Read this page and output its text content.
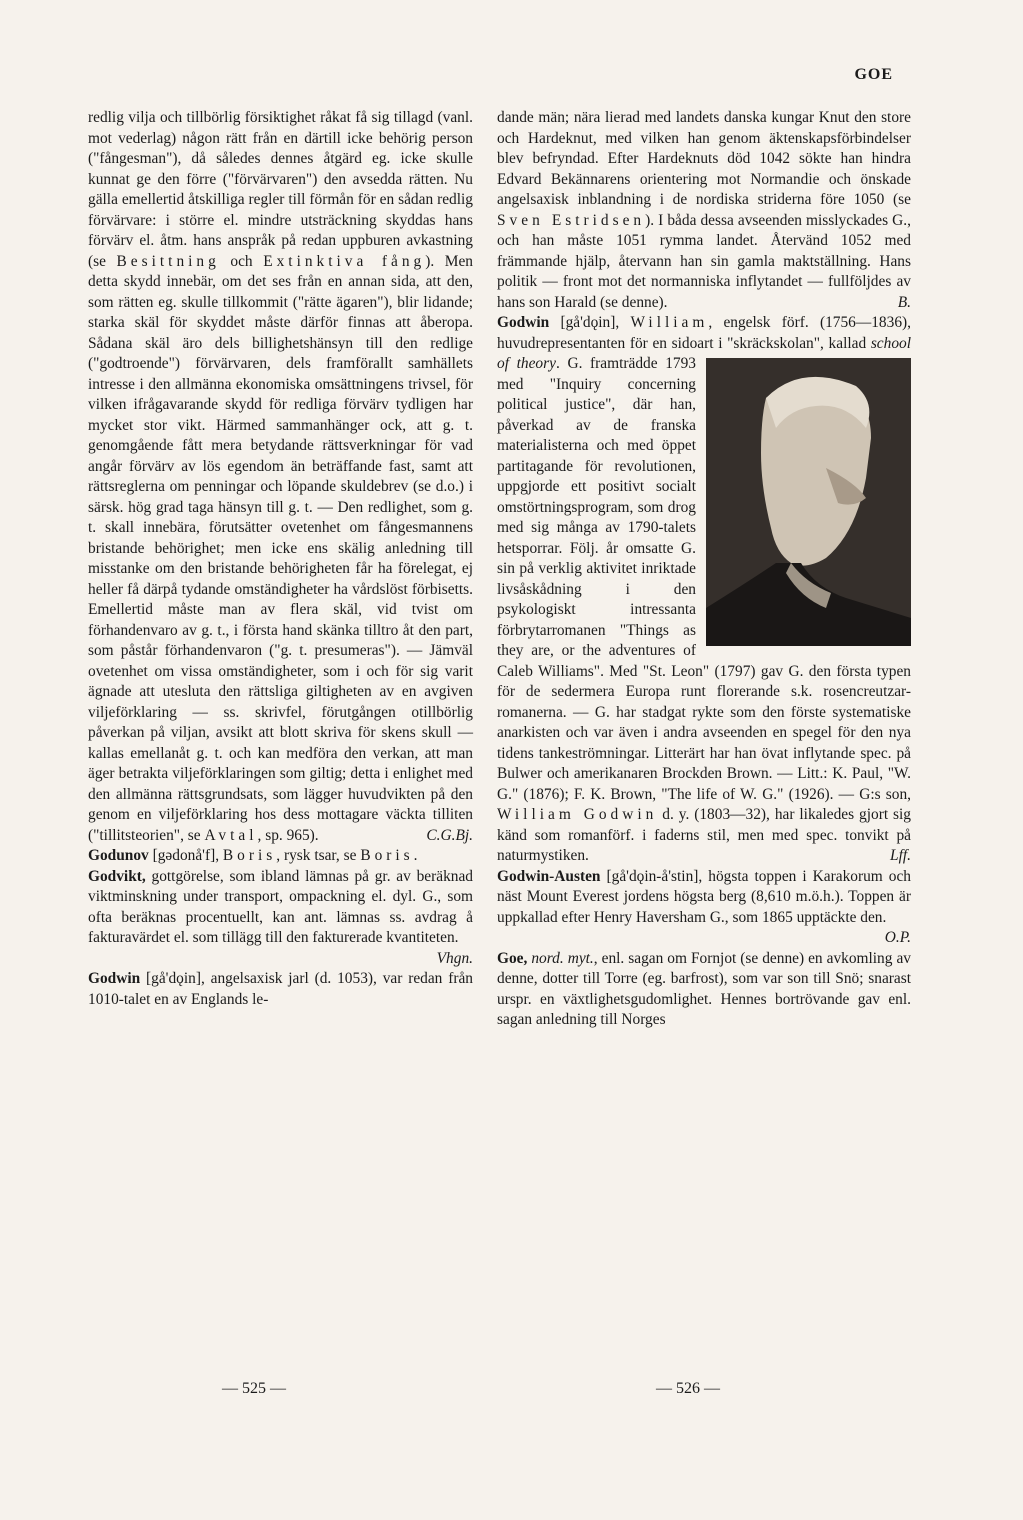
GOE

redlig vilja och tillbörlig försiktighet råkat få sig tillagd (vanl. mot vederlag) någon rätt från en därtill icke behörig person ("fångesman"), då således dennes åtgärd eg. icke skulle kunnat ge den förre ("förvärvaren") den avsedda rätten. Nu gälla emellertid åtskilliga regler till förmån för en sådan redlig förvärvare: i större el. mindre utsträckning skyddas hans förvärv el. åtm. hans anspråk på redan uppburen avkastning (se Besittning och Extinktiva fång). Men detta skydd innebär, om det ses från en annan sida, att den, som rätten eg. skulle tillkommit ("rätte ägaren"), blir lidande; starka skäl för skyddet måste därför finnas att åberopa. Sådana skäl äro dels billighetshänsyn till den redlige ("godtroende") förvärvaren, dels framförallt samhällets intresse i den allmänna ekonomiska omsättningens trivsel, för vilken ifrågavarande skydd för redliga förvärv tydligen har mycket stor vikt. Härmed sammanhänger ock, att g. t. genomgående fått mera betydande rättsverkningar för vad angår förvärv av lös egendom än beträffande fast, samt att rättsreglerna om penningar och löpande skuldebrev (se d.o.) i särsk. hög grad taga hänsyn till g. t. — Den redlighet, som g. t. skall innebära, förutsätter ovetenhet om fångesmannens bristande behörighet; men icke ens skälig anledning till misstanke om den bristande behörigheten får ha förelegat, ej heller få därpå tydande omständigheter ha vårdslöst förbisetts. Emellertid måste man av flera skäl, vid tvist om förhandenvaro av g. t., i första hand skänka tilltro åt den part, som påstår förhandenvaron ("g. t. presumeras"). — Jämväl ovetenhet om vissa omständigheter, som i och för sig varit ägnade att utesluta den rättsliga giltigheten av en avgiven viljeförklaring — ss. skrivfel, förutgången otillbörlig påverkan på viljan, avsikt att blott skriva för skens skull — kallas emellanåt g. t. och kan medföra den verkan, att man äger betrakta viljeförklaringen som giltig; detta i enlighet med den allmänna rättsgrundsats, som lägger huvudvikten på den genom en viljeförklaring hos dess mottagare väckta tilliten ("tillitsteorien", se Avtal, sp. 965).	C.G.Bj.

Godunov [gədonå'f], Boris, rysk tsar, se Boris.

Godvikt, gottgörelse, som ibland lämnas på gr. av beräknad viktminskning under transport, ompackning el. dyl. G., som ofta beräknas procentuellt, kan ant. lämnas ss. avdrag å fakturavärdet el. som tillägg till den fakturerade kvantiteten.
Vhgn.

Godwin [gå'dǫin], angelsaxisk jarl (d. 1053), var redan från 1010-talet en av Englands le-

dande män; nära lierad med landets danska kungar Knut den store och Hardeknut, med vilken han genom äktenskapsförbindelser blev befryndad. Efter Hardeknuts död 1042 sökte han hindra Edvard Bekännarens orientering mot Normandie och önskade angelsaxisk inblandning i de nordiska striderna före 1050 (se Sven Estridsen). I båda dessa avseenden misslyckades G., och han måste 1051 rymma landet. Återvänd 1052 med främmande hjälp, återvann han sin gamla maktställning. Hans politik — front mot det normanniska inflytandet — fullföljdes av hans son Harald (se denne).	B.

Godwin [gå'dǫin], William, engelsk förf. (1756—1836), huvudrepresentanten för en sidoart i "skräckskolan", kallad school of theory. G. framträdde 1793 med "Inquiry concerning political justice", där han, påverkad av de franska materialisterna och med öppet partitagande för revolutionen, uppgjorde ett positivt socialt omstörtningsprogram, som drog med sig många av 1790-talets hetsporrar. Följ. år omsatte G. sin på verklig aktivitet inriktade livsåskådning i den psykologiskt intressanta förbrytarromanen "Things as they are, or the adventures of Caleb Williams". Med "St. Leon" (1797) gav G. den första typen för de sedermera Europa runt florerande s.k. rosencreutzar-romanerna. — G. har stadgat rykte som den förste systematiske anarkisten och var även i andra avseenden en spegel för den nya tidens tankeströmningar. Litterärt har han övat inflytande spec. på Bulwer och amerikanaren Brockden Brown. — Litt.: K. Paul, "W. G." (1876); F. K. Brown, "The life of W. G." (1926). — G:s son, William Godwin d. y. (1803—32), har likaledes gjort sig känd som romanförf. i faderns stil, men med spec. tonvikt på naturmystiken.	Lff.

Godwin-Austen [gå'dǫin-å'stin], högsta toppen i Karakorum och näst Mount Everest jordens högsta berg (8,610 m.ö.h.). Toppen är uppkallad efter Henry Haversham G., som 1865 upptäckte den.
O.P.

Goe, nord. myt., enl. sagan om Fornjot (se denne) en avkomling av denne, dotter till Torre (eg. barfrost), som var son till Snö; snarast urspr. en växtlighetsgudomlighet. Hennes bortrövande gav enl. sagan anledning till Norges

— 525 —	— 526 —
